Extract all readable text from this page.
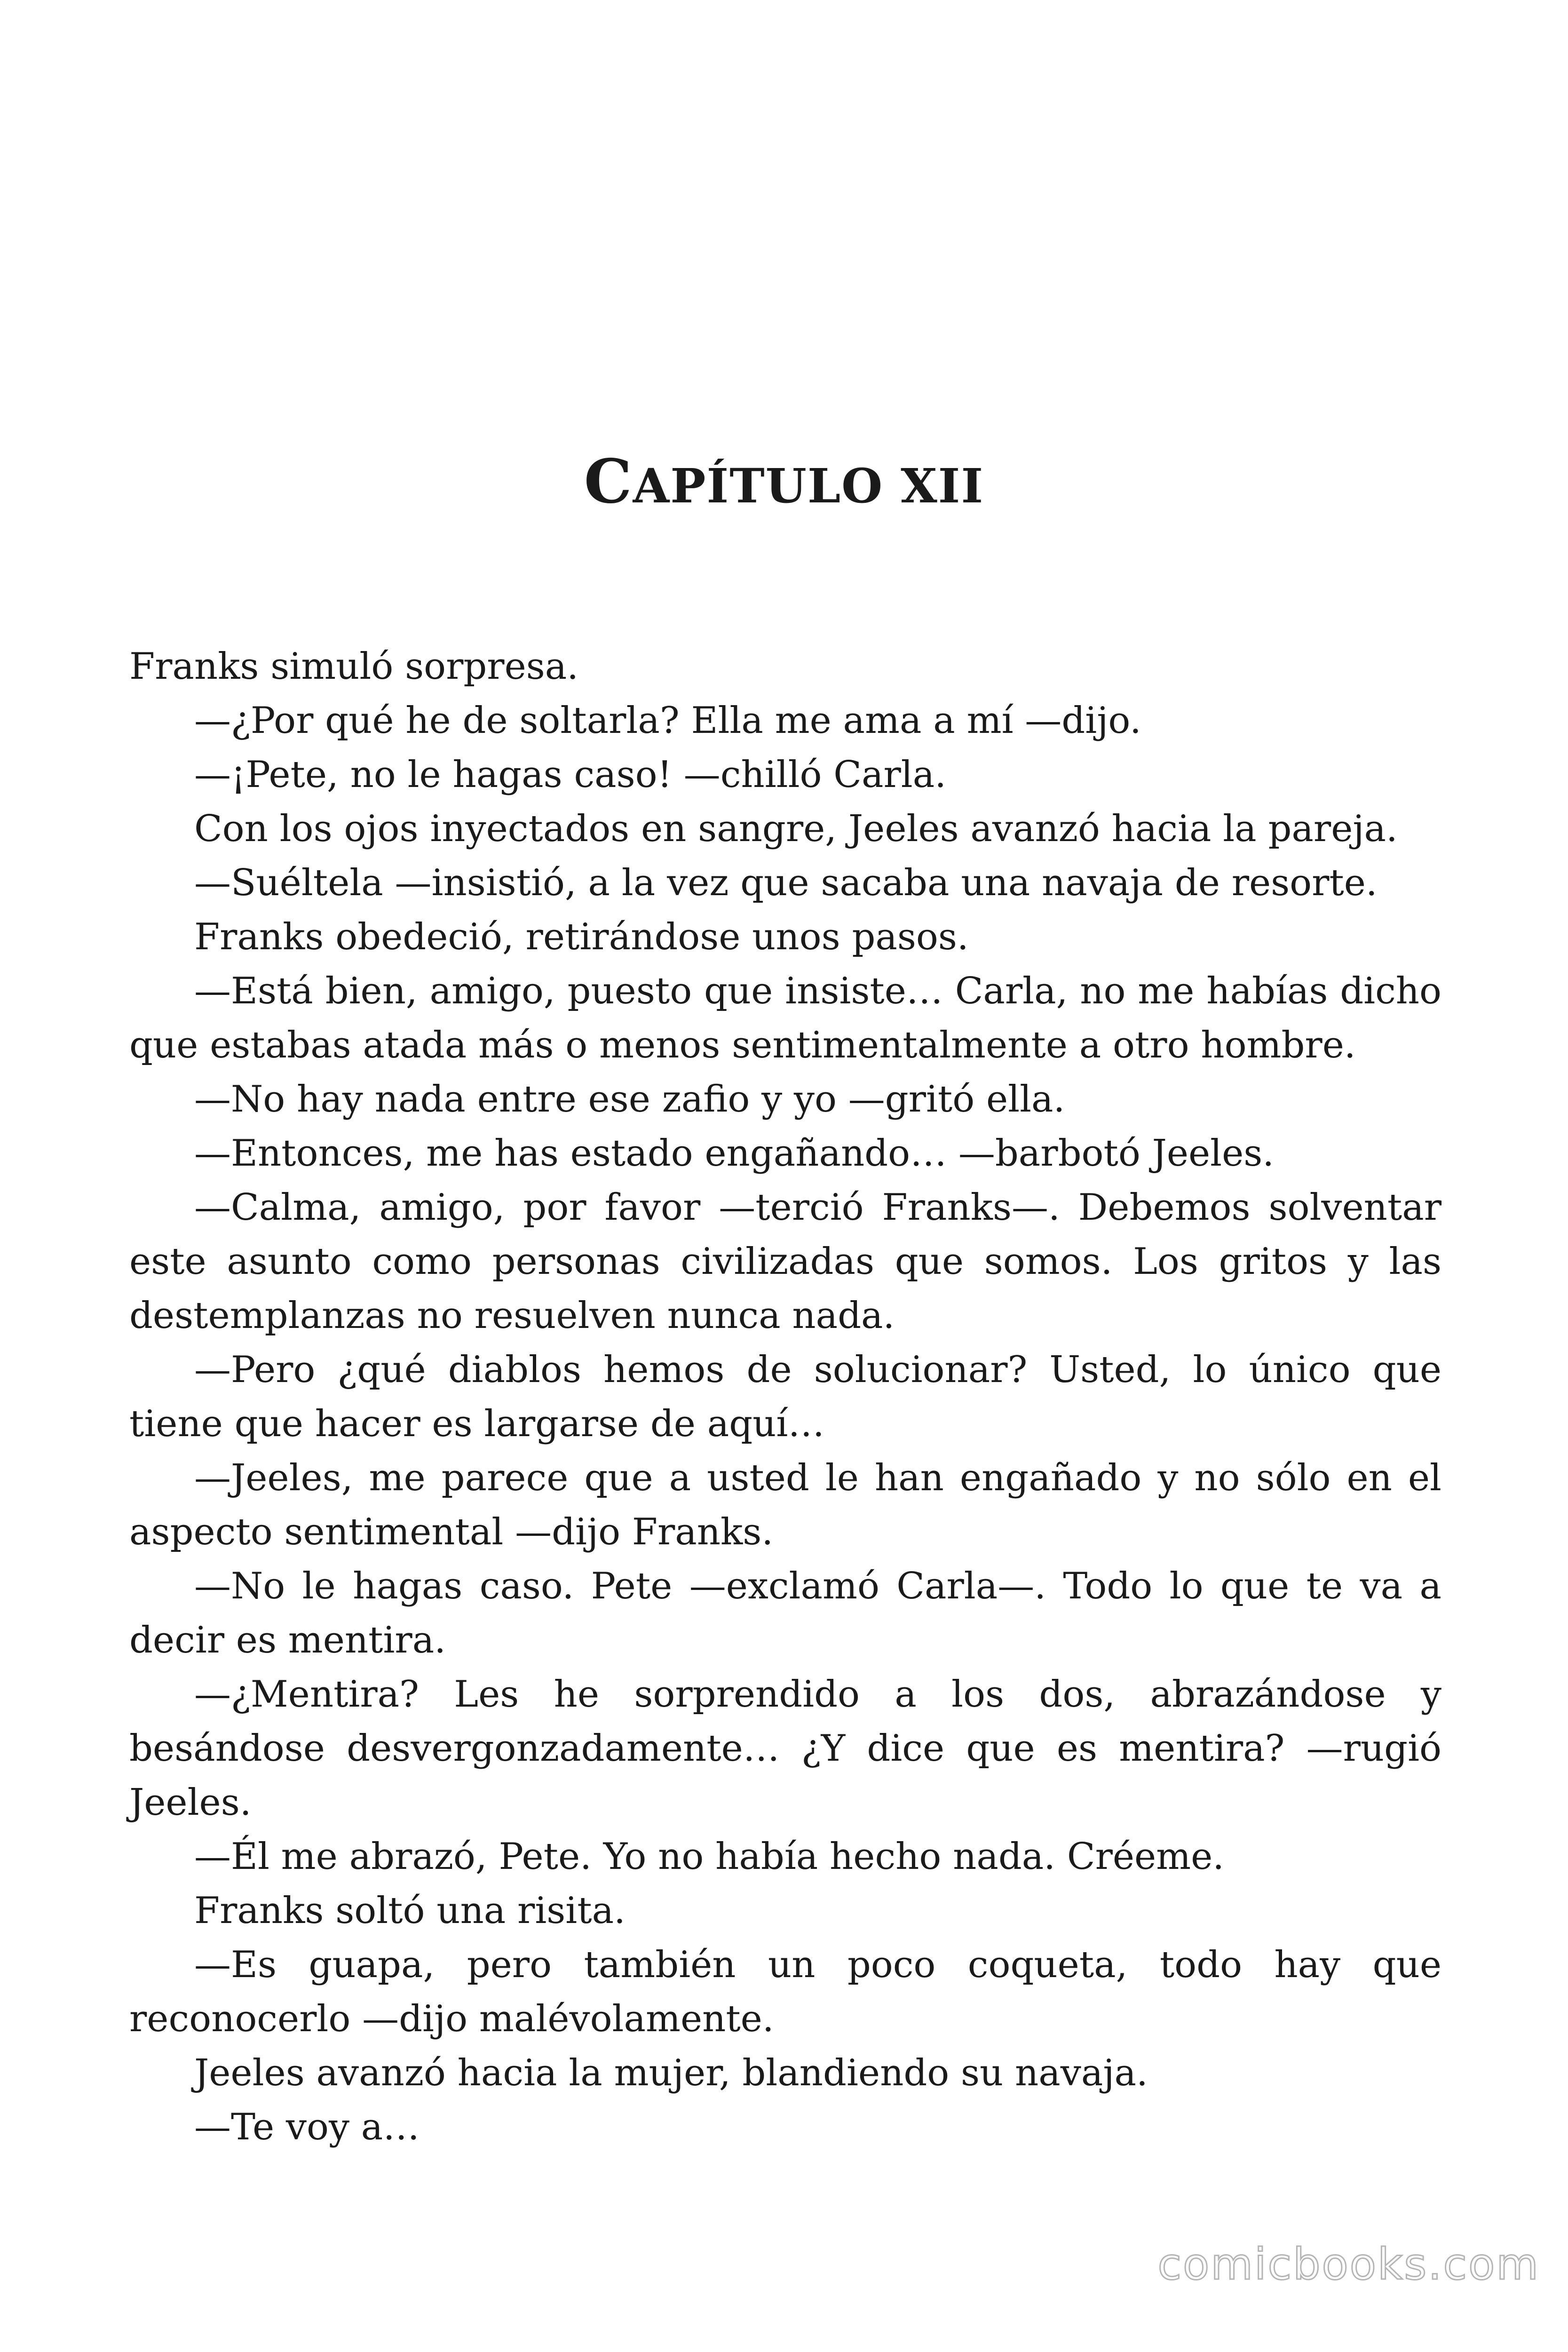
CAPÍTULO XII

Franks simuló sorpresa.

—¿Por qué he de soltarla? Ella me ama a mí —dijo.

—¡Pete, no le hagas caso! —chilló Carla.

Con los ojos inyectados en sangre, Jeeles avanzó hacia la pareja.

—Suéltela —insistió, a la vez que sacaba una navaja de resorte.

Franks obedeció, retirándose unos pasos.

—Está bien, amigo, puesto que insiste… Carla, no me habías dicho que estabas atada más o menos sentimentalmente a otro hombre.

—No hay nada entre ese zafio y yo —gritó ella.

—Entonces, me has estado engañando… —barbotó Jeeles.

—Calma, amigo, por favor —terció Franks—. Debemos solventar este asunto como personas civilizadas que somos. Los gritos y las destemplanzas no resuelven nunca nada.

—Pero ¿qué diablos hemos de solucionar? Usted, lo único que tiene que hacer es largarse de aquí…

—Jeeles, me parece que a usted le han engañado y no sólo en el aspecto sentimental —dijo Franks.

—No le hagas caso. Pete —exclamó Carla—. Todo lo que te va a decir es mentira.

—¿Mentira? Les he sorprendido a los dos, abrazándose y besándose desvergonzadamente… ¿Y dice que es mentira? —rugió Jeeles.

—Él me abrazó, Pete. Yo no había hecho nada. Créeme.

Franks soltó una risita.

—Es guapa, pero también un poco coqueta, todo hay que reconocerlo —dijo malévolamente.

Jeeles avanzó hacia la mujer, blandiendo su navaja.

—Te voy a…

comicbooks.com
